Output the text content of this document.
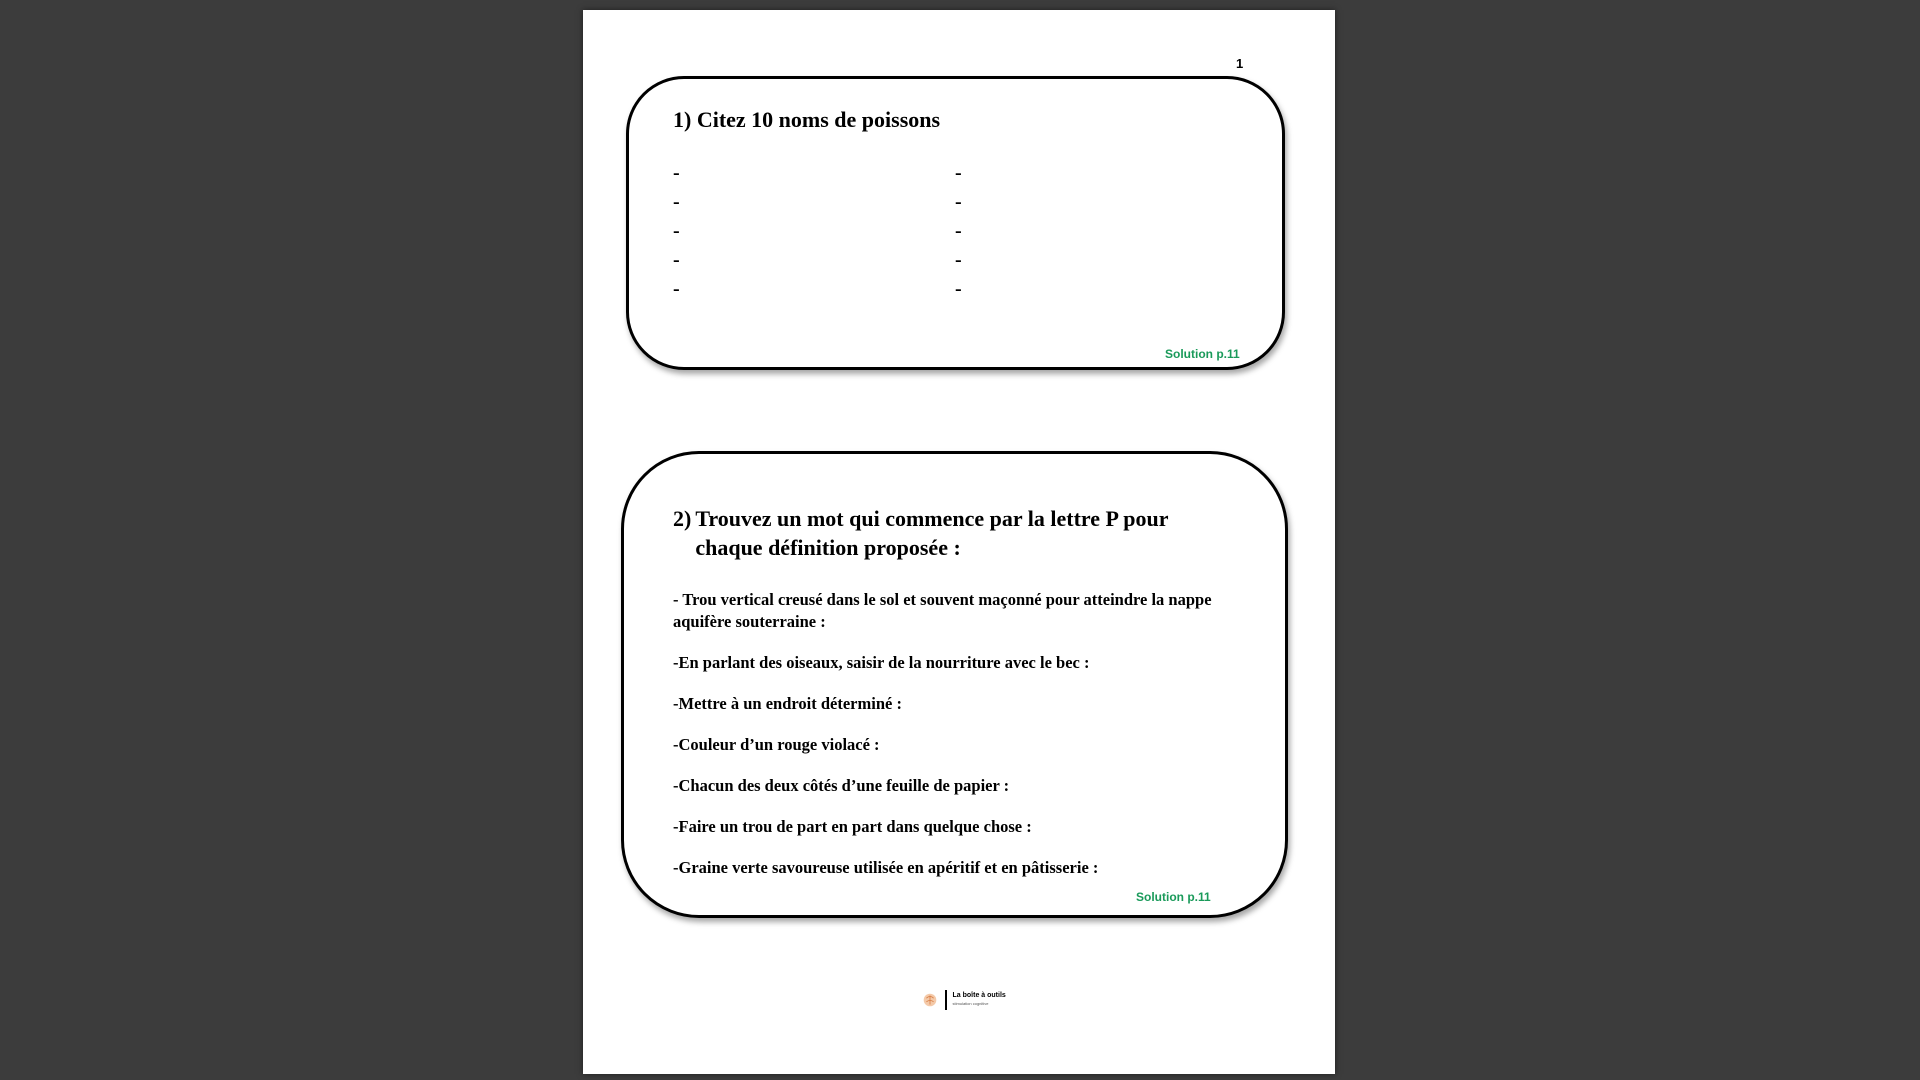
1
1) Citez 10 noms de poissons
-
-
-
-
-
-
-
-
-
-
Solution p.11
2) Trouvez un mot qui commence par la lettre P pour chaque définition proposée :
- Trou vertical creusé dans le sol et souvent maçonné pour atteindre la nappe aquifère souterraine :
-En parlant des oiseaux, saisir de la nourriture avec le bec :
-Mettre à un endroit déterminé :
-Couleur d’un rouge violacé :
-Chacun des deux côtés d’une feuille de papier :
-Faire un trou de part en part dans quelque chose :
-Graine verte savoureuse utilisée en apéritif et en pâtisserie :
Solution p.11
La boîte à outils
stimulation cognitive
